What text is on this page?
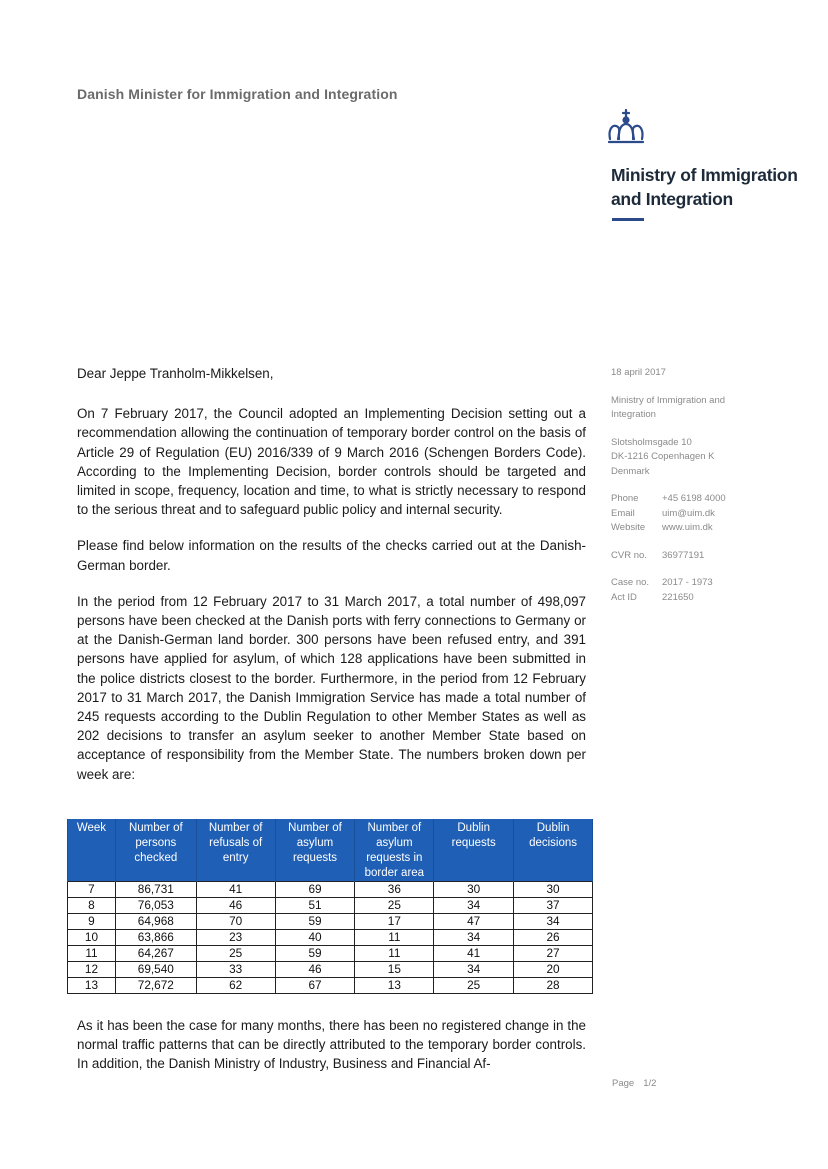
Danish Minister for Immigration and Integration
Ministry of Immigration
and Integration
18 april 2017
Ministry of Immigration and
Integration
Slotsholmsgade 10
DK-1216 Copenhagen K
Denmark
Phone	+45 6198 4000
Email	uim@uim.dk
Website	www.uim.dk
CVR no.	36977191
Case no.	2017 - 1973
Act ID	221650

Dear Jeppe Tranholm-Mikkelsen,

On 7 February 2017, the Council adopted an Implementing Decision setting out a recommendation allowing the continuation of temporary border control on the basis of Article 29 of Regulation (EU) 2016/339 of 9 March 2016 (Schengen Borders Code). According to the Implementing Decision, border controls should be targeted and limited in scope, frequency, location and time, to what is strictly necessary to respond to the serious threat and to safeguard public policy and internal security.

Please find below information on the results of the checks carried out at the Danish-German border.

In the period from 12 February 2017 to 31 March 2017, a total number of 498,097 persons have been checked at the Danish ports with ferry connections to Germany or at the Danish-German land border. 300 persons have been refused entry, and 391 persons have applied for asylum, of which 128 applications have been submitted in the police districts closest to the border. Furthermore, in the period from 12 February 2017 to 31 March 2017, the Danish Immigration Service has made a total number of 245 requests according to the Dublin Regulation to other Member States as well as 202 decisions to transfer an asylum seeker to another Member State based on acceptance of responsibility from the Member State. The numbers broken down per week are:

Week	Number of persons checked	Number of refusals of entry	Number of asylum requests	Number of asylum requests in border area	Dublin requests	Dublin decisions
7	86,731	41	69	36	30	30
8	76,053	46	51	25	34	37
9	64,968	70	59	17	47	34
10	63,866	23	40	11	34	26
11	64,267	25	59	11	41	27
12	69,540	33	46	15	34	20
13	72,672	62	67	13	25	28
As it has been the case for many months, there has been no registered change in the normal traffic patterns that can be directly attributed to the temporary border controls. In addition, the Danish Ministry of Industry, Business and Financial Af-
Page 1/2
